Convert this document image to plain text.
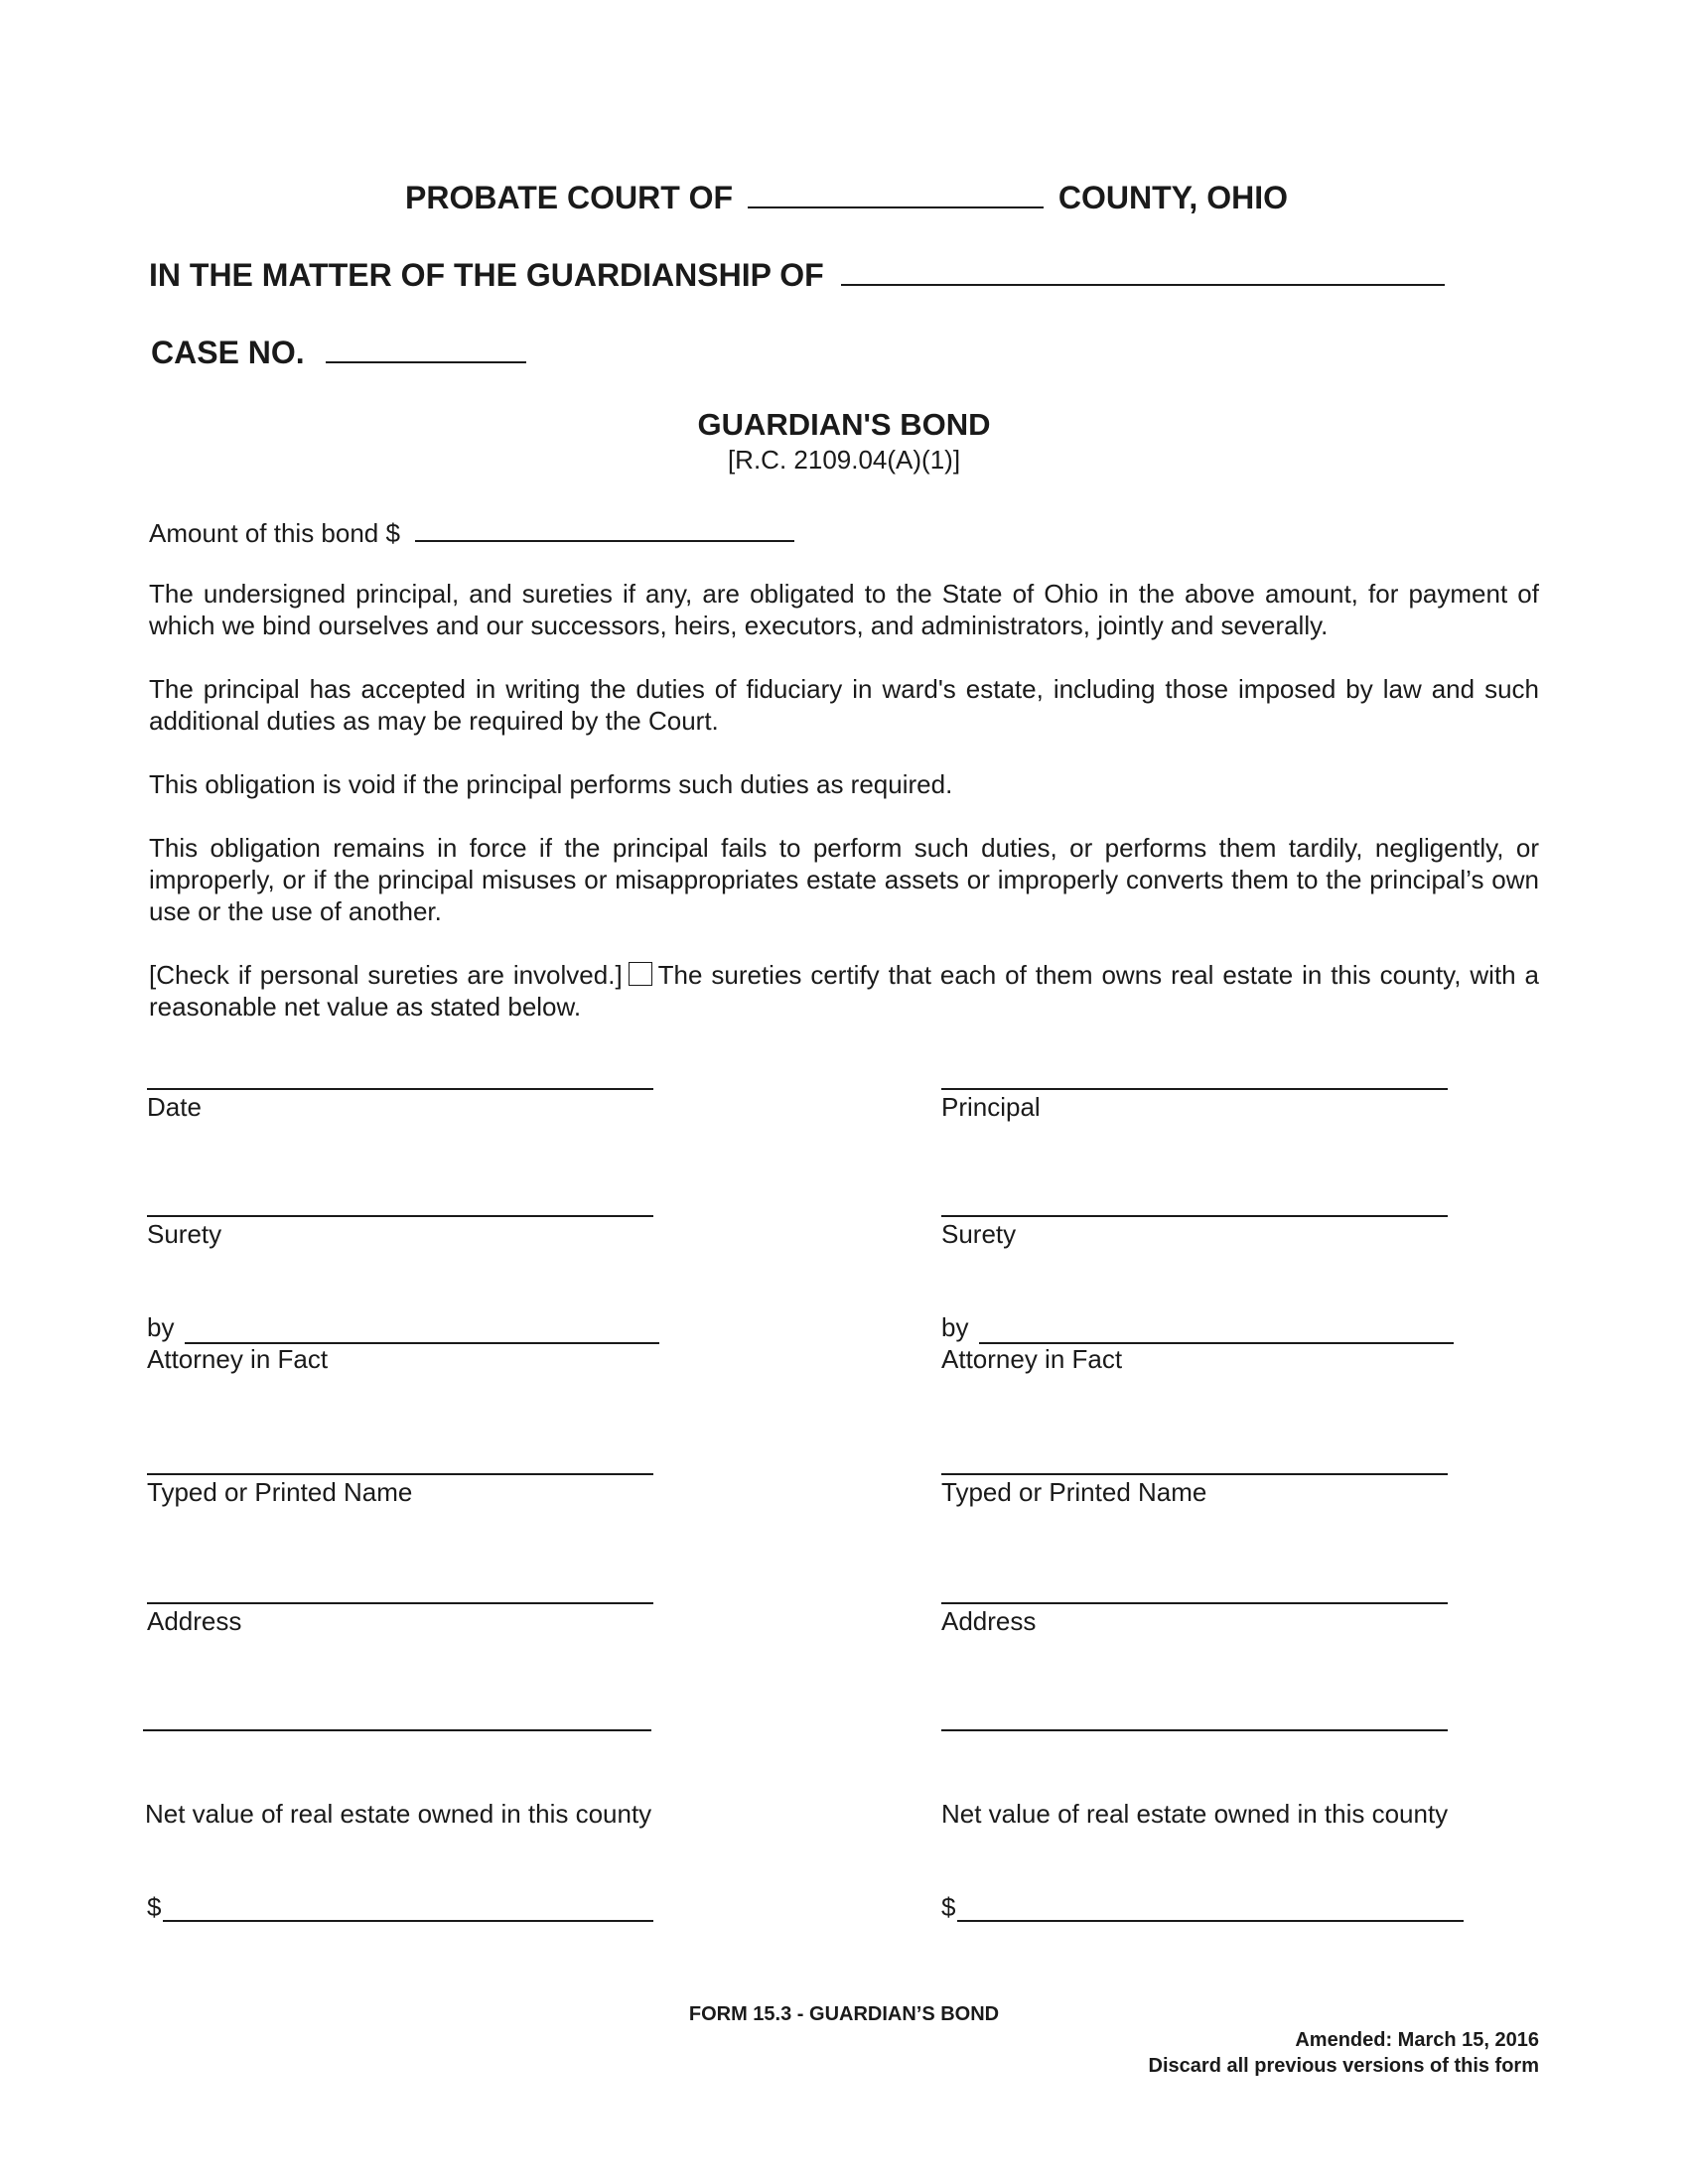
PROBATE COURT OF	COUNTY, OHIO
IN THE MATTER OF THE GUARDIANSHIP OF
CASE NO.
GUARDIAN'S BOND
[R.C. 2109.04(A)(1)]
Amount of this bond $
The undersigned principal, and sureties if any, are obligated to the State of Ohio in the above amount, for payment of which we bind ourselves and our successors, heirs, executors, and administrators, jointly and severally.
The principal has accepted in writing the duties of fiduciary in ward's estate, including those imposed by law and such additional duties as may be required by the Court.
This obligation is void if the principal performs such duties as required.
This obligation remains in force if the principal fails to perform such duties, or performs them tardily, negligently, or improperly, or if the principal misuses or misappropriates estate assets or improperly converts them to the principal’s own use or the use of another.
[Check if personal sureties are involved.] The sureties certify that each of them owns real estate in this county, with a reasonable net value as stated below.
Date
Surety
by
Attorney in Fact
Typed or Printed Name
Address
Net value of real estate owned in this county
$
Principal
Surety
by
Attorney in Fact
Typed or Printed Name
Address
Net value of real estate owned in this county
$
FORM 15.3 - GUARDIAN’S BOND
Amended: March 15, 2016
Discard all previous versions of this form
